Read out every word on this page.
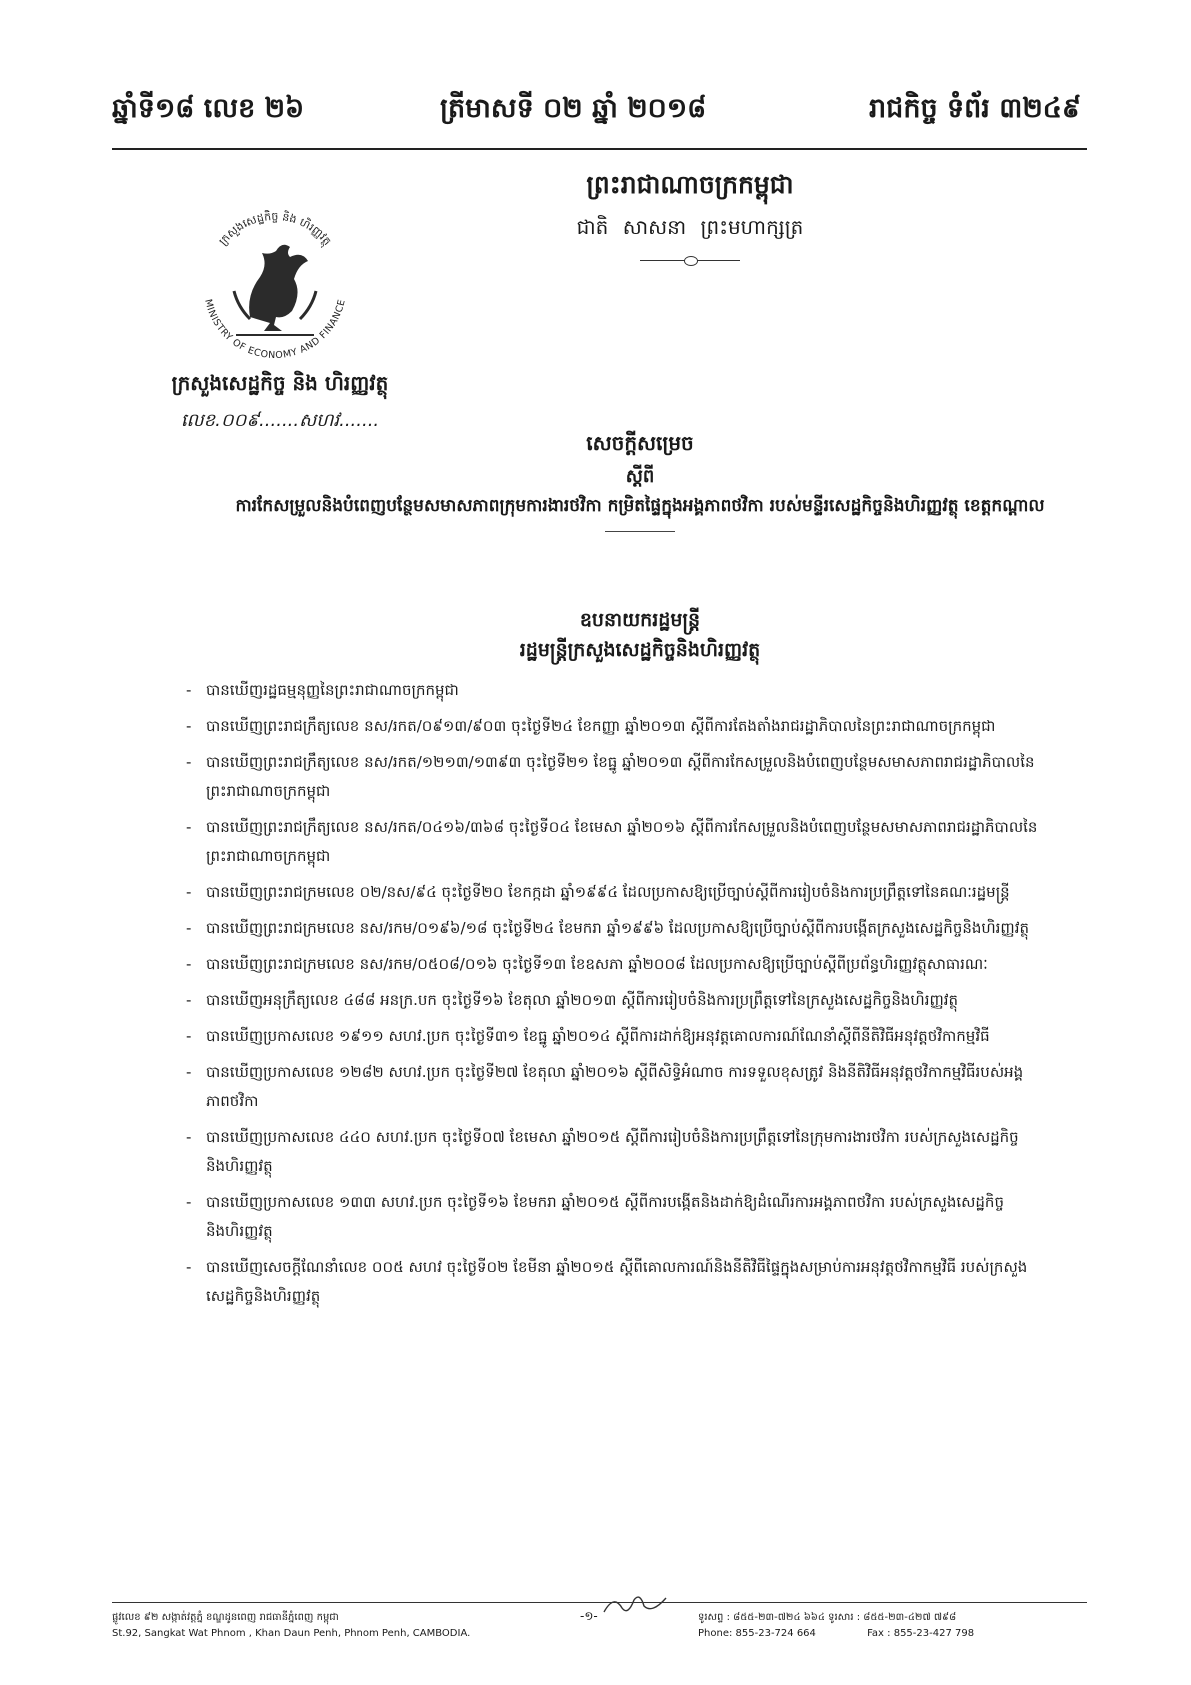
ឆ្នាំទី១៨ លេខ ២៦	ត្រីមាសទី ០២ ឆ្នាំ ២០១៨	រាជកិច្ច ទំព័រ ៣២៤៩
ព្រះរាជាណាចក្រកម្ពុជា
ជាតិ សាសនា ព្រះមហាក្សត្រ
ក្រសួងសេដ្ឋកិច្ច និង ហិរញ្ញវត្ថុ
MINISTRY OF ECONOMY AND FINANCE
ក្រសួងសេដ្ឋកិច្ច និង ហិរញ្ញវត្ថុ
លេខ.០០៩.......សហវ.......
សេចក្តីសម្រេច
ស្តីពី
ការកែសម្រួលនិងបំពេញបន្ថែមសមាសភាពក្រុមការងារថវិកា កម្រិតផ្ទៃក្នុងអង្គភាពថវិកា របស់មន្ទីរសេដ្ឋកិច្ចនិងហិរញ្ញវត្ថុ ខេត្តកណ្តាល
ឧបនាយករដ្ឋមន្ត្រី
រដ្ឋមន្ត្រីក្រសួងសេដ្ឋកិច្ចនិងហិរញ្ញវត្ថុ
- បានឃើញរដ្ឋធម្មនុញ្ញនៃព្រះរាជាណាចក្រកម្ពុជា
- បានឃើញព្រះរាជក្រឹត្យលេខ នស/រកត/០៩១៣/៩០៣ ចុះថ្ងៃទី២៤ ខែកញ្ញា ឆ្នាំ២០១៣ ស្តីពីការតែងតាំងរាជរដ្ឋាភិបាលនៃព្រះរាជាណាចក្រកម្ពុជា
- បានឃើញព្រះរាជក្រឹត្យលេខ នស/រកត/១២១៣/១៣៩៣ ចុះថ្ងៃទី២១ ខែធ្នូ ឆ្នាំ២០១៣ ស្តីពីការកែសម្រួលនិងបំពេញបន្ថែមសមាសភាពរាជរដ្ឋាភិបាលនៃព្រះរាជាណាចក្រកម្ពុជា
- បានឃើញព្រះរាជក្រឹត្យលេខ នស/រកត/០៤១៦/៣៦៨ ចុះថ្ងៃទី០៤ ខែមេសា ឆ្នាំ២០១៦ ស្តីពីការកែសម្រួលនិងបំពេញបន្ថែមសមាសភាពរាជរដ្ឋាភិបាលនៃព្រះរាជាណាចក្រកម្ពុជា
- បានឃើញព្រះរាជក្រមលេខ ០២/នស/៩៤ ចុះថ្ងៃទី២០ ខែកក្កដា ឆ្នាំ១៩៩៤ ដែលប្រកាសឱ្យប្រើច្បាប់ស្តីពីការរៀបចំនិងការប្រព្រឹត្តទៅនៃគណៈរដ្ឋមន្ត្រី
- បានឃើញព្រះរាជក្រមលេខ នស/រកម/០១៩៦/១៨ ចុះថ្ងៃទី២៤ ខែមករា ឆ្នាំ១៩៩៦ ដែលប្រកាសឱ្យប្រើច្បាប់ស្តីពីការបង្កើតក្រសួងសេដ្ឋកិច្ចនិងហិរញ្ញវត្ថុ
- បានឃើញព្រះរាជក្រមលេខ នស/រកម/០៥០៨/០១៦ ចុះថ្ងៃទី១៣ ខែឧសភា ឆ្នាំ២០០៨ ដែលប្រកាសឱ្យប្រើច្បាប់ស្តីពីប្រព័ន្ធហិរញ្ញវត្ថុសាធារណៈ
- បានឃើញអនុក្រឹត្យលេខ ៤៨៨ អនក្រ.បក ចុះថ្ងៃទី១៦ ខែតុលា ឆ្នាំ២០១៣ ស្តីពីការរៀបចំនិងការប្រព្រឹត្តទៅនៃក្រសួងសេដ្ឋកិច្ចនិងហិរញ្ញវត្ថុ
- បានឃើញប្រកាសលេខ ១៩១១ សហវ.ប្រក ចុះថ្ងៃទី៣១ ខែធ្នូ ឆ្នាំ២០១៤ ស្តីពីការដាក់ឱ្យអនុវត្តគោលការណ៍ណែនាំស្តីពីនីតិវិធីអនុវត្តថវិកាកម្មវិធី
- បានឃើញប្រកាសលេខ ១២៨២ សហវ.ប្រក ចុះថ្ងៃទី២៧ ខែតុលា ឆ្នាំ២០១៦ ស្តីពីសិទ្ធិអំណាច ការទទួលខុសត្រូវ និងនីតិវិធីអនុវត្តថវិកាកម្មវិធីរបស់អង្គភាពថវិកា
- បានឃើញប្រកាសលេខ ៤៤០ សហវ.ប្រក ចុះថ្ងៃទី០៧ ខែមេសា ឆ្នាំ២០១៥ ស្តីពីការរៀបចំនិងការប្រព្រឹត្តទៅនៃក្រុមការងារថវិកា របស់ក្រសួងសេដ្ឋកិច្ចនិងហិរញ្ញវត្ថុ
- បានឃើញប្រកាសលេខ ១៣៣ សហវ.ប្រក ចុះថ្ងៃទី១៦ ខែមករា ឆ្នាំ២០១៥ ស្តីពីការបង្កើតនិងដាក់ឱ្យដំណើរការអង្គភាពថវិកា របស់ក្រសួងសេដ្ឋកិច្ចនិងហិរញ្ញវត្ថុ
- បានឃើញសេចក្តីណែនាំលេខ ០០៥ សហវ ចុះថ្ងៃទី០២ ខែមីនា ឆ្នាំ២០១៥ ស្តីពីគោលការណ៍និងនីតិវិធីផ្ទៃក្នុងសម្រាប់ការអនុវត្តថវិកាកម្មវិធី របស់ក្រសួងសេដ្ឋកិច្ចនិងហិរញ្ញវត្ថុ
ផ្លូវលេខ ៩២ សង្កាត់វត្តភ្នំ ខណ្ឌដូនពេញ រាជធានីភ្នំពេញ កម្ពុជា
St.92, Sangkat Wat Phnom , Khan Daun Penh, Phnom Penh, CAMBODIA.
-១-	ទូរសព្ទ : ៨៥៥-២៣-៧២៤ ៦៦៤ ទូរសារ : ៨៥៥-២៣-៤២៧ ៧៩៨
Phone: 855-23-724 664	Fax : 855-23-427 798
